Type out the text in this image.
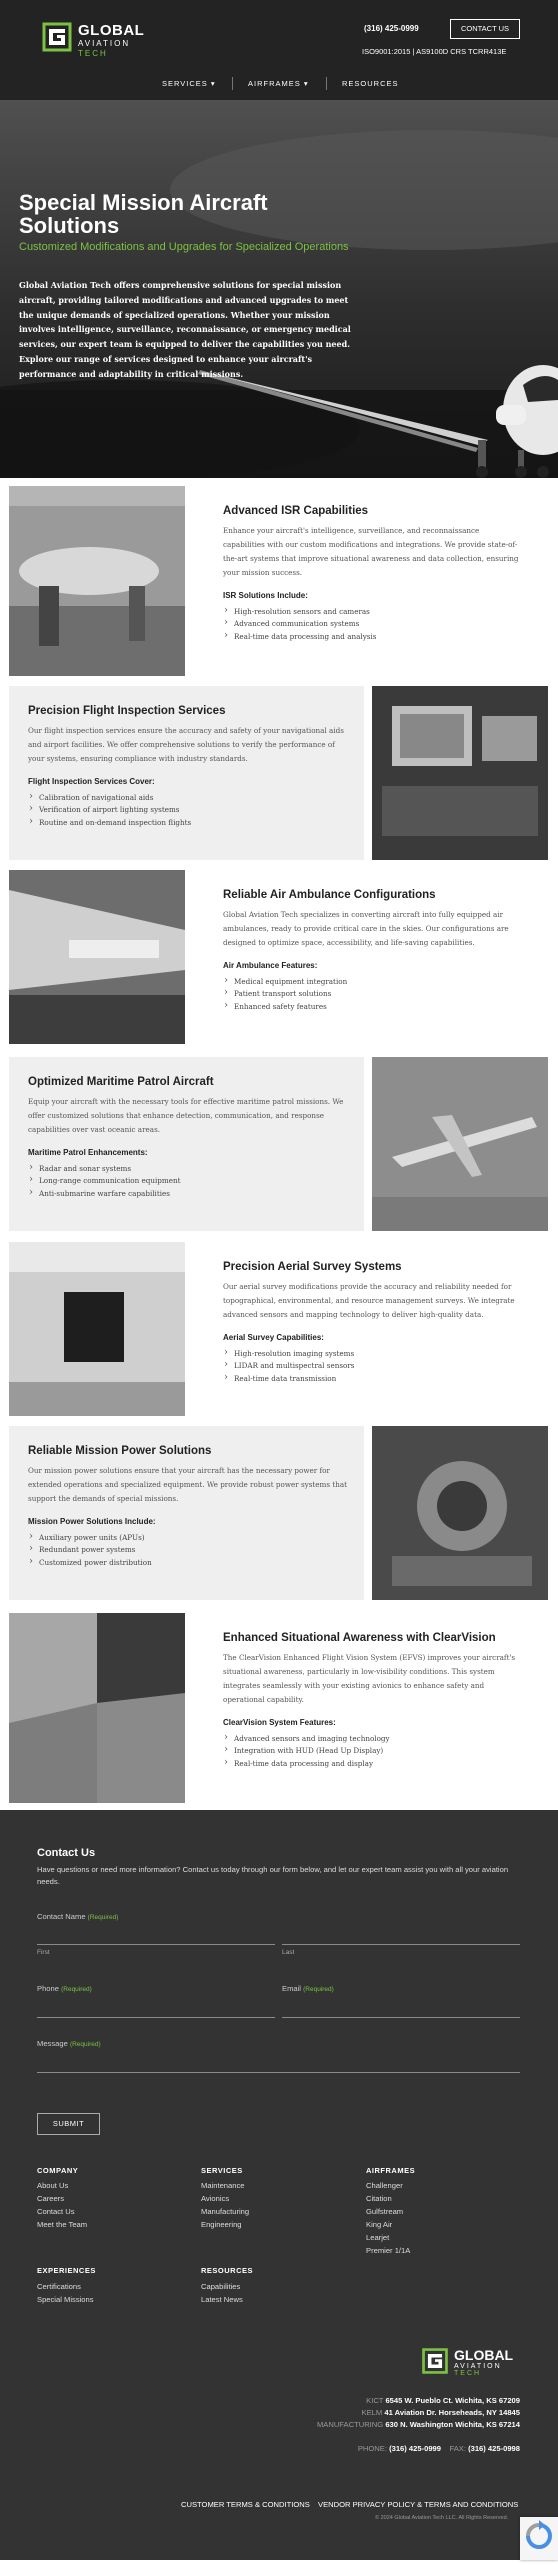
GLOBAL
AVIATION TECH
(316) 425-0999	CONTACT US
ISO9001:2015 | AS9100D CRS TCRR413E
SERVICES ▾	AIRFRAMES ▾	RESOURCES
Special Mission Aircraft Solutions
Customized Modifications and Upgrades for Specialized Operations
Global Aviation Tech offers comprehensive solutions for special mission aircraft, providing tailored modifications and advanced upgrades to meet the unique demands of specialized operations. Whether your mission involves intelligence, surveillance, reconnaissance, or emergency medical services, our expert team is equipped to deliver the capabilities you need. Explore our range of services designed to enhance your aircraft's performance and adaptability in critical missions.
Advanced ISR Capabilities

Enhance your aircraft's intelligence, surveillance, and reconnaissance capabilities with our custom modifications and integrations. We provide state-of-the-art systems that improve situational awareness and data collection, ensuring your mission success.

ISR Solutions Include:
› High-resolution sensors and cameras
› Advanced communication systems
› Real-time data processing and analysis
Precision Flight Inspection Services

Our flight inspection services ensure the accuracy and safety of your navigational aids and airport facilities. We offer comprehensive solutions to verify the performance of your systems, ensuring compliance with industry standards.

Flight Inspection Services Cover:
› Calibration of navigational aids
› Verification of airport lighting systems
› Routine and on-demand inspection flights
Reliable Air Ambulance Configurations

Global Aviation Tech specializes in converting aircraft into fully equipped air ambulances, ready to provide critical care in the skies. Our configurations are designed to optimize space, accessibility, and life-saving capabilities.

Air Ambulance Features:
› Medical equipment integration
› Patient transport solutions
› Enhanced safety features
Optimized Maritime Patrol Aircraft

Equip your aircraft with the necessary tools for effective maritime patrol missions. We offer customized solutions that enhance detection, communication, and response capabilities over vast oceanic areas.

Maritime Patrol Enhancements:
› Radar and sonar systems
› Long-range communication equipment
› Anti-submarine warfare capabilities
Precision Aerial Survey Systems

Our aerial survey modifications provide the accuracy and reliability needed for topographical, environmental, and resource management surveys. We integrate advanced sensors and mapping technology to deliver high-quality data.

Aerial Survey Capabilities:
› High-resolution imaging systems
› LIDAR and multispectral sensors
› Real-time data transmission
Reliable Mission Power Solutions

Our mission power solutions ensure that your aircraft has the necessary power for extended operations and specialized equipment. We provide robust power systems that support the demands of special missions.

Mission Power Solutions Include:
› Auxiliary power units (APUs)
› Redundant power systems
› Customized power distribution
Enhanced Situational Awareness with ClearVision

The ClearVision Enhanced Flight Vision System (EFVS) improves your aircraft's situational awareness, particularly in low-visibility conditions. This system integrates seamlessly with your existing avionics to enhance safety and operational capability.

ClearVision System Features:
› Advanced sensors and imaging technology
› Integration with HUD (Head Up Display)
› Real-time data processing and display
Contact Us
Have questions or need more information? Contact us today through our form below, and let our expert team assist you with all your aviation needs.
Contact Name (Required)
First	Last
Phone (Required)	Email (Required)
Message (Required)
SUBMIT
COMPANY
About Us
Careers
Contact Us
Meet the Team
SERVICES
Maintenance
Avionics
Manufacturing
Engineering
AIRFRAMES
Challenger
Citation
Gulfstream
King Air
Learjet
Premier 1/1A
EXPERIENCES
Certifications
Special Missions
RESOURCES
Capabilities
Latest News
GLOBAL
AVIATION TECH
KICT 6545 W. Pueblo Ct. Wichita, KS 67209
KELM 41 Aviation Dr. Horseheads, NY 14845
MANUFACTURING 630 N. Washington Wichita, KS 67214
PHONE: (316) 425-0999 FAX: (316) 425-0998
CUSTOMER TERMS & CONDITIONS VENDOR PRIVACY POLICY & TERMS AND CONDITIONS
© 2024 Global Aviation Tech LLC. All Rights Reserved.
